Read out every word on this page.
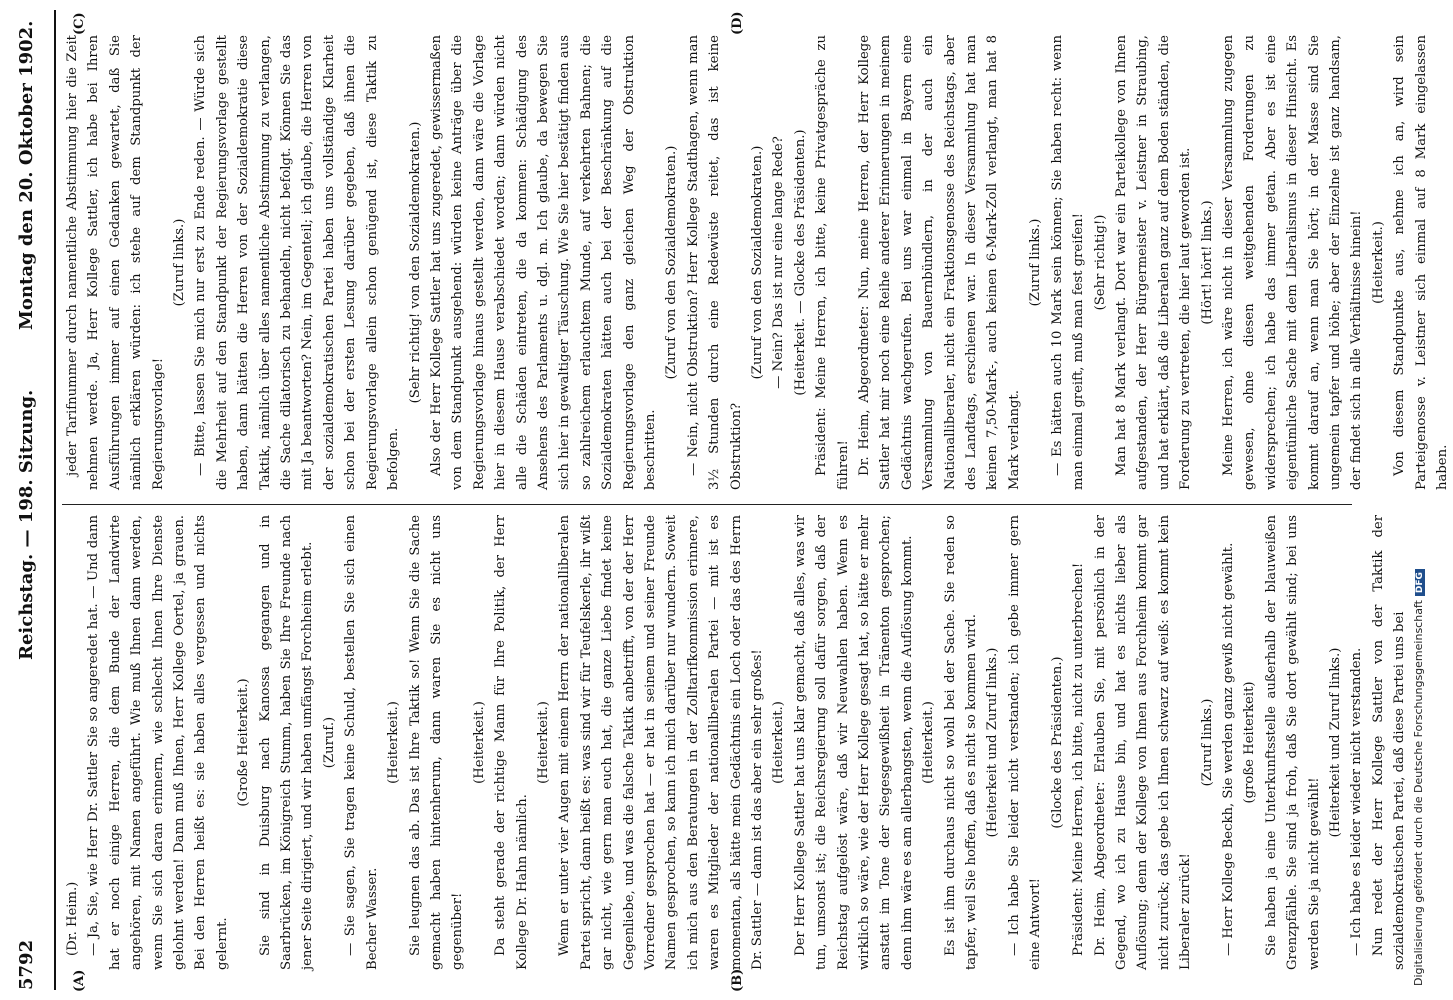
5792
Reichstag. — 198. Sitzung.
Montag den 20. Oktober 1902.
(A)	(B)
(C)	(D)

(Dr. Heim.) — Ja, Sie, wie Herr Dr. Sattler Sie so angeredet hat. — Und dann hat er noch einige Herren, die dem Bunde der Landwirte angehören, mit Namen angeführt. Wie muß Ihnen dann werden, wenn Sie sich daran erinnern, wie schlecht Ihnen Ihre Dienste gelohnt werden! Dann muß Ihnen, Herr Kollege Oertel, ja grauen. Bei den Herren heißt es: sie haben alles vergessen und nichts gelernt.

(Große Heiterkeit.) Sie sind in Duisburg nach Kanossa gegangen und in Saarbrücken, im Königreich Stumm, haben Sie Ihre Freunde nach jener Seite dirigiert, und wir haben umfängst Forchheim erlebt. (Zuruf.) — Sie sagen, Sie tragen keine Schuld, bestellen Sie sich einen Becher Wasser.

(Heiterkeit.) Sie leugnen das ab. Das ist Ihre Taktik so! Wenn Sie die Sache gemacht haben hintenherum, dann waren Sie es nicht uns gegenüber!

(Heiterkeit.) Da steht gerade der richtige Mann für Ihre Politik, der Herr Kollege Dr. Hahn nämlich.

(Heiterkeit.) Wenn er unter vier Augen mit einem Herrn der nationalliberalen Partei spricht, dann heißt es: was sind wir für Teufelskerle, ihr wißt gar nicht, wie gern man euch hat, die ganze Liebe findet keine Gegenliebe, und was die falsche Taktik anbetrifft, von der der Herr Vorredner gesprochen hat — er hat in seinem und seiner Freunde Namen gesprochen, so kann ich mich darüber nur wundern. Soweit ich mich aus den Beratungen in der Zolltarifkommission erinnere, waren es Mitglieder der nationalliberalen Partei — mit ist es momentan, als hätte mein Gedächtnis ein Loch oder das des Herrn Dr. Sattler — dann ist das aber ein sehr großes! (Heiterkeit.) Der Herr Kollege Sattler hat uns klar gemacht, daß alles, was wir tun, umsonst ist; die Reichsregierung soll dafür sorgen, daß der Reichstag aufgelöst wäre, daß wir Neuwahlen haben. Wenn es wirklich so wäre, wie der Herr Kollege gesagt hat, so hätte er mehr anstatt im Tone der Siegesgewißheit in Tränenton gesprochen; denn ihm wäre es am allerbangsten, wenn die Auflösung kommt. (Heiterkeit.) Es ist ihm durchaus nicht so wohl bei der Sache. Sie reden so tapfer, weil Sie hoffen, daß es nicht so kommen wird. (Heiterkeit und Zuruf links.) — Ich habe Sie leider nicht verstanden; ich gebe immer gern eine Antwort!

(Glocke des Präsidenten.) Präsident: Meine Herren, ich bitte, nicht zu unterbrechen! Dr. Heim, Abgeordneter: Erlauben Sie, mit persönlich in der Gegend, wo ich zu Hause bin, und hat es nichts lieber als Auflösung; denn der Kollege von Ihnen aus Forchheim kommt gar nicht zurück; das gebe ich Ihnen schwarz auf weiß: es kommt kein Liberaler zurück!

(Zuruf links.) — Herr Kollege Beckh, Sie werden ganz gewiß nicht gewählt. (große Heiterkeit) Sie haben ja eine Unterkunftsstelle außerhalb der blauweißen Grenzpfähle. Sie sind ja froh, daß Sie dort gewählt sind; bei uns werden Sie ja nicht gewählt!

(Heiterkeit und Zuruf links.) — Ich habe es leider wieder nicht verstanden. Nun redet der Herr Kollege Sattler von der Taktik der sozialdemokratischen Partei, daß diese Partei uns bei

jeder Tarifnummer durch namentliche Abstimmung hier die Zeit nehmen werde. Ja, Herr Kollege Sattler, ich habe bei Ihren Ausführungen immer auf einen Gedanken gewartet, daß Sie nämlich erklären würden: ich stehe auf dem Standpunkt der Regierungsvorlage!

(Zuruf links.) — Bitte, lassen Sie mich nur erst zu Ende reden. — Würde sich die Mehrheit auf den Standpunkt der Regierungsvorlage gestellt haben, dann hätten die Herren von der Sozialdemokratie diese Taktik, nämlich über alles namentliche Abstimmung zu verlangen, die Sache dilatorisch zu behandeln, nicht befolgt. Können Sie das mit Ja beantworten? Nein, im Gegenteil; ich glaube, die Herren von der sozialdemokratischen Partei haben uns vollständige Klarheit schon bei der ersten Lesung darüber gegeben, daß ihnen die Regierungsvorlage allein schon genügend ist, diese Taktik zu befolgen.

(Sehr richtig! von den Sozialdemokraten.) Also der Herr Kollege Sattler hat uns zugeredet, gewissermaßen von dem Standpunkt ausgehend: würden keine Anträge über die Regierungsvorlage hinaus gestellt werden, dann wäre die Vorlage hier in diesem Hause verabschiedet worden; dann würden nicht alle die Schäden eintreten, die da kommen: Schädigung des Ansehens des Parlaments u. dgl. m. Ich glaube, da bewegen Sie sich hier in gewaltiger Täuschung. Wie Sie hier bestätigt finden aus so zahlreichem erlauchtem Munde, auf verkehrten Bahnen; die Sozialdemokraten hätten auch bei der Beschränkung auf die Regierungsvorlage den ganz gleichen Weg der Obstruktion beschritten.

(Zuruf von den Sozialdemokraten.) — Nein, nicht Obstruktion? Herr Kollege Stadthagen, wenn man 3½ Stunden durch eine Redewüste reitet, das ist keine Obstruktion?

(Zuruf von den Sozialdemokraten.) — Nein? Das ist nur eine lange Rede? (Heiterkeit. — Glocke des Präsidenten.) Präsident: Meine Herren, ich bitte, keine Privatgespräche zu führen! Dr. Heim, Abgeordneter: Nun, meine Herren, der Herr Kollege Sattler hat mir noch eine Reihe anderer Erinnerungen in meinem Gedächtnis wachgerufen. Bei uns war einmal in Bayern eine Versammlung von Bauernbündlern, in der auch ein Nationalliberaler, nicht ein Fraktionsgenosse des Reichstags, aber des Landtags, erschienen war. In dieser Versammlung hat man keinen 7,50-Mark-, auch keinen 6-Mark-Zoll verlangt, man hat 8 Mark verlangt.

(Zuruf links.) — Es hätten auch 10 Mark sein können; Sie haben recht: wenn man einmal greift, muß man fest greifen! (Sehr richtig!) Man hat 8 Mark verlangt. Dort war ein Parteikollege von Ihnen aufgestanden, der Herr Bürgermeister v. Leistner in Straubing, und hat erklärt, daß die Liberalen ganz auf dem Boden ständen, die Forderung zu vertreten, die hier laut geworden ist. (Hört! hört! links.) Meine Herren, ich wäre nicht in dieser Versammlung zugegen gewesen, ohne diesen weitgehenden Forderungen zu widersprechen; ich habe das immer getan. Aber es ist eine eigentümliche Sache mit dem Liberalismus in dieser Hinsicht. Es kommt darauf an, wenn man Sie hört; in der Masse sind Sie ungemein tapfer und höhe; aber der Einzelne ist ganz handsam, der findet sich in alle Verhältnisse hinein! (Heiterkeit.) Von diesem Standpunkte aus, nehme ich an, wird sein Parteigenosse v. Leistner sich einmal auf 8 Mark eingelassen haben.

Digitalisierung gefördert durch die Deutsche ForschungsgemeinschaftDFG
